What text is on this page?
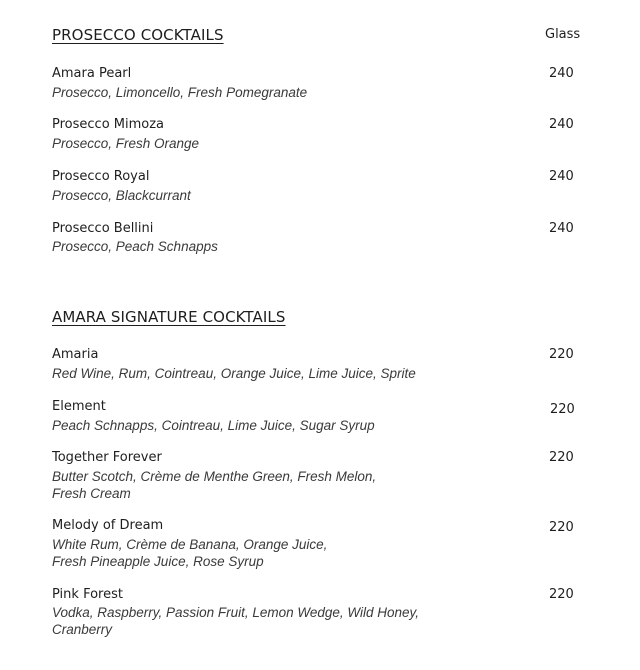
PROSECCO COCKTAILS	Glass
Amara Pearl	240
Prosecco, Limoncello, Fresh Pomegranate
Prosecco Mimoza	240
Prosecco, Fresh Orange
Prosecco Royal	240
Prosecco, Blackcurrant
Prosecco Bellini	240
Prosecco, Peach Schnapps
AMARA SIGNATURE COCKTAILS
Amaria	220
Red Wine, Rum, Cointreau, Orange Juice, Lime Juice, Sprite
Element	220
Peach Schnapps, Cointreau, Lime Juice, Sugar Syrup
Together Forever	220
Butter Scotch, Crème de Menthe Green, Fresh Melon,
Fresh Cream
Melody of Dream	220
White Rum, Crème de Banana, Orange Juice,
Fresh Pineapple Juice, Rose Syrup
Pink Forest	220
Vodka, Raspberry, Passion Fruit, Lemon Wedge, Wild Honey,
Cranberry
